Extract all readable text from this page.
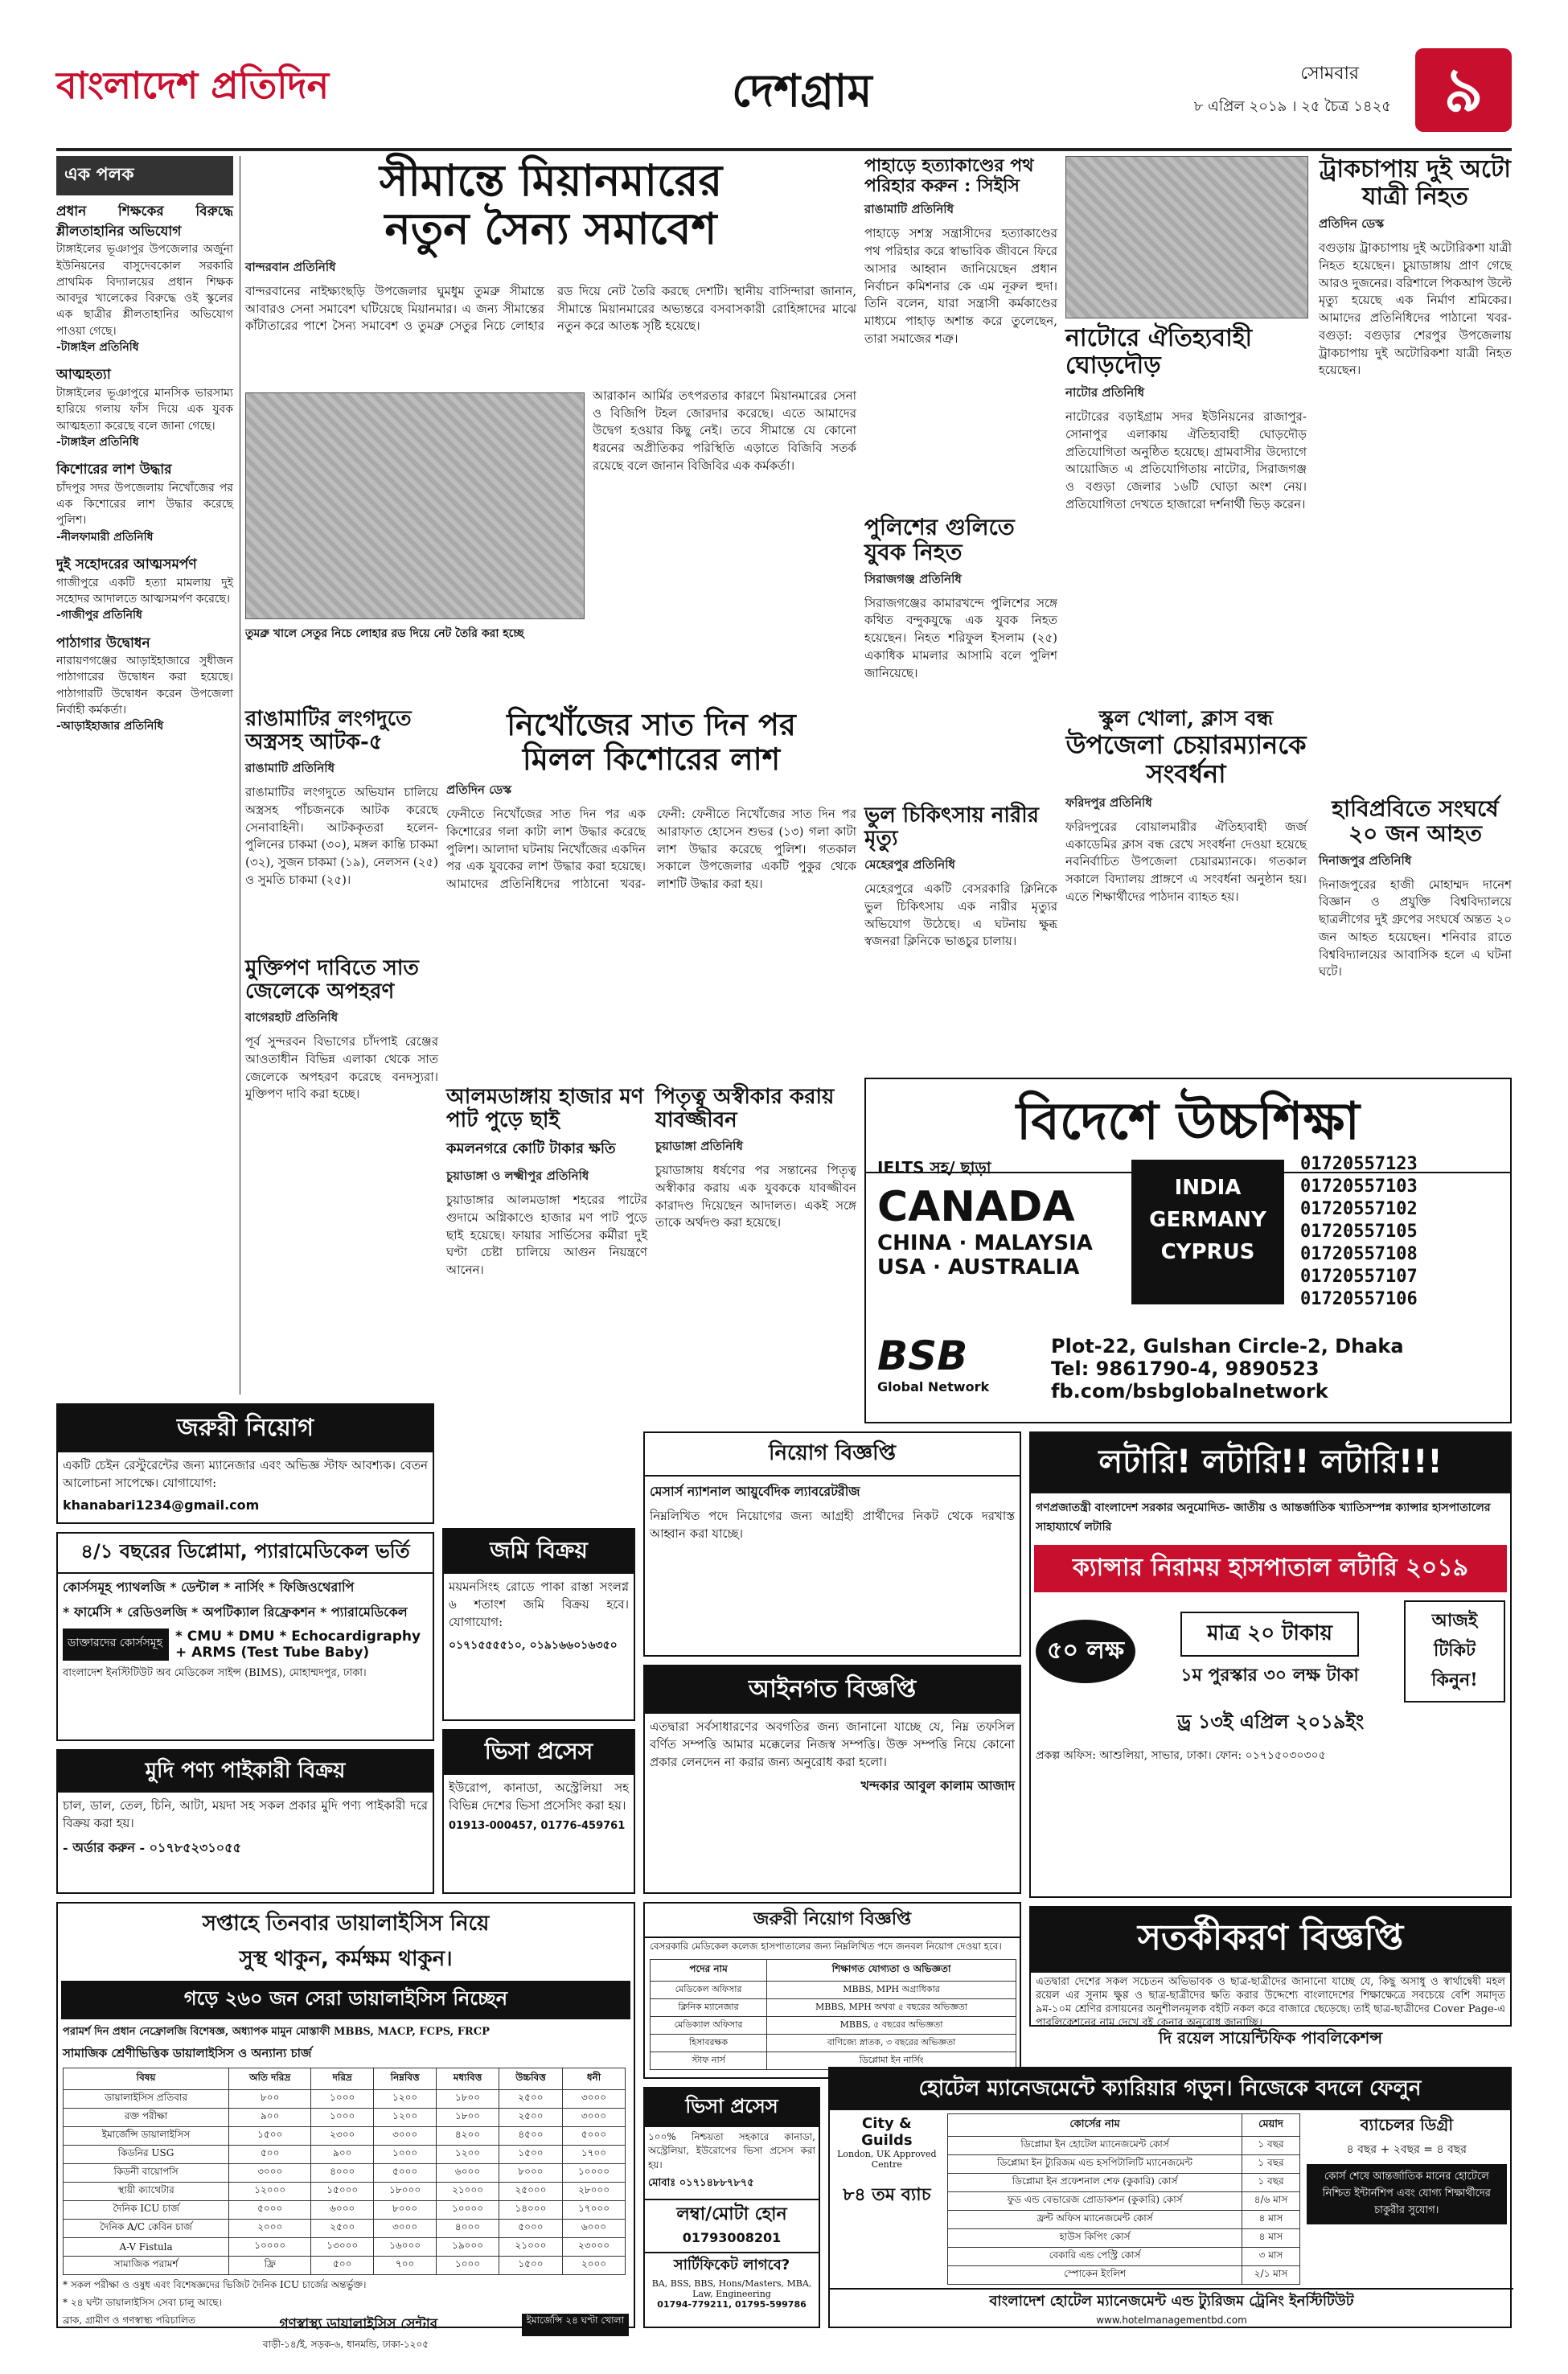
বাংলাদেশ প্রতিদিন	দেশগ্রাম	সোমবার
৮ এপ্রিল ২০১৯ । ২৫ চৈত্র ১৪২৫ ৯
এক পলক
প্রধান শিক্ষকের বিরুদ্ধে শ্লীলতাহানির অভিযোগ
টাঙ্গাইলের ভূঞাপুর উপজেলার অর্জুনা ইউনিয়নের বাসুদেবকোল সরকারি প্রাথমিক বিদ্যালয়ের প্রধান শিক্ষক আবদুর খালেকের বিরুদ্ধে ওই স্কুলের এক ছাত্রীর শ্লীলতাহানির অভিযোগ পাওয়া গেছে।
-টাঙ্গাইল প্রতিনিধি
আত্মহত্যা
টাঙ্গাইলের ভূঞাপুরে মানসিক ভারসাম্য হারিয়ে গলায় ফাঁস দিয়ে এক যুবক আত্মহত্যা করেছে বলে জানা গেছে।
-টাঙ্গাইল প্রতিনিধি
কিশোরের লাশ উদ্ধার
চাঁদপুর সদর উপজেলায় নিখোঁজের পর এক কিশোরের লাশ উদ্ধার করেছে পুলিশ।
-নীলফামারী প্রতিনিধি
দুই সহোদরের আত্মসমর্পণ
গাজীপুরে একটি হত্যা মামলায় দুই সহোদর আদালতে আত্মসমর্পণ করেছে।
-গাজীপুর প্রতিনিধি
পাঠাগার উদ্বোধন
নারায়ণগঞ্জের আড়াইহাজারে সুধীজন পাঠাগারের উদ্বোধন করা হয়েছে। পাঠাগারটি উদ্বোধন করেন উপজেলা নির্বাহী কর্মকর্তা।
-আড়াইহাজার প্রতিনিধি
সীমান্তে মিয়ানমারের
নতুন সৈন্য সমাবেশ
বান্দরবান প্রতিনিধি
বান্দরবানের নাইক্ষ্যংছড়ি উপজেলার ঘুমধুম তুমব্রু সীমান্তে আবারও সেনা সমাবেশ ঘটিয়েছে মিয়ানমার। এ জন্য সীমান্তের কাঁটাতারের পাশে সৈন্য সমাবেশ ও তুমব্রু সেতুর নিচে লোহার রড দিয়ে নেট তৈরি করছে দেশটি। স্থানীয় বাসিন্দারা জানান, সীমান্তে মিয়ানমারের অভ্যন্তরে বসবাসকারী রোহিঙ্গাদের মাঝে নতুন করে আতঙ্ক সৃষ্টি হয়েছে।
আরাকান আর্মির তৎপরতার কারণে মিয়ানমারের সেনা ও বিজিপি টহল জোরদার করেছে। এতে আমাদের উদ্বেগ হওয়ার কিছু নেই। তবে সীমান্তে যে কোনো ধরনের অপ্রীতিকর পরিস্থিতি এড়াতে বিজিবি সতর্ক রয়েছে বলে জানান বিজিবির এক কর্মকর্তা।
তুমব্রু খালে সেতুর নিচে লোহার রড দিয়ে নেট তৈরি করা হচ্ছে
পাহাড়ে হত্যাকাণ্ডের পথ পরিহার করুন : সিইসি
রাঙামাটি প্রতিনিধি
পাহাড়ে সশস্ত্র সন্ত্রাসীদের হত্যাকাণ্ডের পথ পরিহার করে স্বাভাবিক জীবনে ফিরে আসার আহ্বান জানিয়েছেন প্রধান নির্বাচন কমিশনার কে এম নূরুল হুদা। তিনি বলেন, যারা সন্ত্রাসী কর্মকাণ্ডের মাধ্যমে পাহাড় অশান্ত করে তুলেছেন, তারা সমাজের শত্রু।	নাটোরে ঐতিহ্যবাহী ঘোড়দৌড়
নাটোর প্রতিনিধি
নাটোরের বড়াইগ্রাম সদর ইউনিয়নের রাজাপুর-সোনাপুর এলাকায় ঐতিহ্যবাহী ঘোড়দৌড় প্রতিযোগিতা অনুষ্ঠিত হয়েছে। গ্রামবাসীর উদ্যোগে আয়োজিত এ প্রতিযোগিতায় নাটোর, সিরাজগঞ্জ ও বগুড়া জেলার ১৬টি ঘোড়া অংশ নেয়। প্রতিযোগিতা দেখতে হাজারো দর্শনার্থী ভিড় করেন।
ট্রাকচাপায় দুই অটো যাত্রী নিহত
প্রতিদিন ডেস্ক
বগুড়ায় ট্রাকচাপায় দুই অটোরিকশা যাত্রী নিহত হয়েছেন। চুয়াডাঙ্গায় প্রাণ গেছে আরও দুজনের। বরিশালে পিকআপ উল্টে মৃত্যু হয়েছে এক নির্মাণ শ্রমিকের। আমাদের প্রতিনিধিদের পাঠানো খবর- বগুড়া: বগুড়ার শেরপুর উপজেলায় ট্রাকচাপায় দুই অটোরিকশা যাত্রী নিহত হয়েছেন।
পুলিশের গুলিতে যুবক নিহত
সিরাজগঞ্জ প্রতিনিধি
সিরাজগঞ্জের কামারখন্দে পুলিশের সঙ্গে কথিত বন্দুকযুদ্ধে এক যুবক নিহত হয়েছেন। নিহত শরিফুল ইসলাম (২৫) একাধিক মামলার আসামি বলে পুলিশ জানিয়েছে।
স্কুল খোলা, ক্লাস বন্ধ
উপজেলা চেয়ারম্যানকে সংবর্ধনা
ফরিদপুর প্রতিনিধি
ফরিদপুরের বোয়ালমারীর ঐতিহ্যবাহী জর্জ একাডেমির ক্লাস বন্ধ রেখে সংবর্ধনা দেওয়া হয়েছে নবনির্বাচিত উপজেলা চেয়ারম্যানকে। গতকাল সকালে বিদ্যালয় প্রাঙ্গণে এ সংবর্ধনা অনুষ্ঠান হয়। এতে শিক্ষার্থীদের পাঠদান ব্যাহত হয়।
হাবিপ্রবিতে সংঘর্ষে ২০ জন আহত
দিনাজপুর প্রতিনিধি
দিনাজপুরের হাজী মোহাম্মদ দানেশ বিজ্ঞান ও প্রযুক্তি বিশ্ববিদ্যালয়ে ছাত্রলীগের দুই গ্রুপের সংঘর্ষে অন্তত ২০ জন আহত হয়েছেন। শনিবার রাতে বিশ্ববিদ্যালয়ের আবাসিক হলে এ ঘটনা ঘটে।
রাঙামাটির লংগদুতে অস্ত্রসহ আটক-৫
রাঙামাটি প্রতিনিধি
রাঙামাটির লংগদুতে অভিযান চালিয়ে অস্ত্রসহ পাঁচজনকে আটক করেছে সেনাবাহিনী। আটককৃতরা হলেন- পুলিনের চাকমা (৩০), মঙ্গল কান্তি চাকমা (৩২), সুজন চাকমা (১৯), নেলসন (২৫) ও সুমতি চাকমা (২৫)।
নিখোঁজের সাত দিন পর
মিলল কিশোরের লাশ
প্রতিদিন ডেস্ক
ফেনীতে নিখোঁজের সাত দিন পর এক কিশোরের গলা কাটা লাশ উদ্ধার করেছে পুলিশ। আলাদা ঘটনায় নিখোঁজের একদিন পর এক যুবকের লাশ উদ্ধার করা হয়েছে। আমাদের প্রতিনিধিদের পাঠানো খবর- ফেনী: ফেনীতে নিখোঁজের সাত দিন পর আরাফাত হোসেন শুভর (১৩) গলা কাটা লাশ উদ্ধার করেছে পুলিশ। গতকাল সকালে উপজেলার একটি পুকুর থেকে লাশটি উদ্ধার করা হয়।
ভুল চিকিৎসায় নারীর মৃত্যু
মেহেরপুর প্রতিনিধি
মেহেরপুরে একটি বেসরকারি ক্লিনিকে ভুল চিকিৎসায় এক নারীর মৃত্যুর অভিযোগ উঠেছে। এ ঘটনায় ক্ষুব্ধ স্বজনরা ক্লিনিকে ভাঙচুর চালায়।
মুক্তিপণ দাবিতে সাত জেলেকে অপহরণ
বাগেরহাট প্রতিনিধি
পূর্ব সুন্দরবন বিভাগের চাঁদপাই রেঞ্জের আওতাধীন বিভিন্ন এলাকা থেকে সাত জেলেকে অপহরণ করেছে বনদস্যুরা। মুক্তিপণ দাবি করা হচ্ছে।	আলমডাঙ্গায় হাজার মণ পাট পুড়ে ছাই
কমলনগরে কোটি টাকার ক্ষতি
চুয়াডাঙ্গা ও লক্ষ্মীপুর প্রতিনিধি
চুয়াডাঙ্গার আলমডাঙ্গা শহরের পাটের গুদামে অগ্নিকাণ্ডে হাজার মণ পাট পুড়ে ছাই হয়েছে। ফায়ার সার্ভিসের কর্মীরা দুই ঘণ্টা চেষ্টা চালিয়ে আগুন নিয়ন্ত্রণে আনেন।
পিতৃত্ব অস্বীকার করায় যাবজ্জীবন
চুয়াডাঙ্গা প্রতিনিধি
চুয়াডাঙ্গায় ধর্ষণের পর সন্তানের পিতৃত্ব অস্বীকার করায় এক যুবককে যাবজ্জীবন কারাদণ্ড দিয়েছেন আদালত। একই সঙ্গে তাকে অর্থদণ্ড করা হয়েছে।
বিদেশে উচ্চশিক্ষা
IELTS সহ/ ছাড়া
CANADA
CHINA · MALAYSIA
USA · AUSTRALIA
INDIA
GERMANY
CYPRUS
01720557123
01720557103
01720557102
01720557105
01720557108
01720557107
01720557106
BSB
Global Network
Plot-22, Gulshan Circle-2, Dhaka
Tel: 9861790-4, 9890523
fb.com/bsbglobalnetwork
জরুরী নিয়োগ
একটি চেইন রেস্টুরেন্টের জন্য ম্যানেজার এবং অভিজ্ঞ স্টাফ আবশ্যক। বেতন আলোচনা সাপেক্ষে। যোগাযোগ:
khanabari1234@gmail.com
৪/১ বছরের ডিপ্লোমা, প্যারামেডিকেল ভর্তি
কোর্সসমূহ প্যাথলজি * ডেন্টাল * নার্সিং * ফিজিওথেরাপি
* ফার্মেসি * রেডিওলজি * অপটিক্যাল রিফ্রেকশন * প্যারামেডিকেল
ডাক্তারদের কোর্সসমূহ * CMU * DMU * Echocardigraphy
+ ARMS (Test Tube Baby)
বাংলাদেশ ইনস্টিটিউট অব মেডিকেল সাইন্স (BIMS), মোহাম্মদপুর, ঢাকা।
মুদি পণ্য পাইকারী বিক্রয়
চাল, ডাল, তেল, চিনি, আটা, ময়দা সহ সকল প্রকার মুদি পণ্য পাইকারী দরে বিক্রয় করা হয়।
- অর্ডার করুন - ০১৭৮৫২৩১০৫৫
জমি বিক্রয়
ময়মনসিংহ রোডে পাকা রাস্তা সংলগ্ন ৬ শতাংশ জমি বিক্রয় হবে। যোগাযোগ:
০১৭১৫৫৫৫১০, ০১৯১৬৬০১৬৩৫০
ভিসা প্রসেস
ইউরোপ, কানাডা, অস্ট্রেলিয়া সহ বিভিন্ন দেশের ভিসা প্রসেসিং করা হয়।
01913-000457, 01776-459761
নিয়োগ বিজ্ঞপ্তি
মেসার্স ন্যাশনাল আয়ুর্বেদিক ল্যাবরেটরীজ
নিম্নলিখিত পদে নিয়োগের জন্য আগ্রহী প্রার্থীদের নিকট থেকে দরখাস্ত আহ্বান করা যাচ্ছে।
আইনগত বিজ্ঞপ্তি
এতদ্বারা সর্বসাধারণের অবগতির জন্য জানানো যাচ্ছে যে, নিম্ন তফসিল বর্ণিত সম্পত্তি আমার মক্কেলের নিজস্ব সম্পত্তি। উক্ত সম্পত্তি নিয়ে কোনো প্রকার লেনদেন না করার জন্য অনুরোধ করা হলো।
খন্দকার আবুল কালাম আজাদ
লটারি! লটারি!! লটারি!!!
গণপ্রজাতন্ত্রী বাংলাদেশ সরকার অনুমোদিত- জাতীয় ও আন্তর্জাতিক খ্যাতিসম্পন্ন ক্যান্সার হাসপাতালের সাহায্যার্থে লটারি
ক্যান্সার নিরাময় হাসপাতাল লটারি ২০১৯
৫০ লক্ষ
মাত্র ২০ টাকায়
১ম পুরস্কার ৩০ লক্ষ টাকা
আজই টিকিট কিনুন!
ড্র ১৩ই এপ্রিল ২০১৯ইং
প্রকল্প অফিস: আশুলিয়া, সাভার, ঢাকা। ফোন: ০১৭১৫০৩০৩০৫
সতর্কীকরণ বিজ্ঞপ্তি
এতদ্বারা দেশের সকল সচেতন অভিভাবক ও ছাত্র-ছাত্রীদের জানানো যাচ্ছে যে, কিছু অসাধু ও স্বার্থান্বেষী মহল রয়েল এর সুনাম ক্ষুণ্ণ ও ছাত্র-ছাত্রীদের ক্ষতি করার উদ্দেশ্যে বাংলাদেশের শিক্ষাক্ষেত্রে সবচেয়ে বেশি সমাদৃত ৯ম-১০ম শ্রেণির রসায়নের অনুশীলনমূলক বইটি নকল করে বাজারে ছেড়েছে। তাই ছাত্র-ছাত্রীদের Cover Page-এ পাবলিকেশনের নাম দেখে বই কেনার অনুরোধ জানাচ্ছি।
দি রয়েল সায়েন্টিফিক পাবলিকেশন্স
সপ্তাহে তিনবার ডায়ালাইসিস নিয়ে
সুস্থ থাকুন, কর্মক্ষম থাকুন।
গড়ে ২৬০ জন সেরা ডায়ালাইসিস নিচ্ছেন
পরামর্শ দিন প্রধান নেফ্রোলজি বিশেষজ্ঞ, অধ্যাপক মামুন মোস্তাফী MBBS, MACP, FCPS, FRCP
সামাজিক শ্রেণীভিত্তিক ডায়ালাইসিস ও অন্যান্য চার্জ
বিষয়	অতি দরিদ্র	দরিদ্র	নিম্নবিত্ত	মধ্যবিত্ত	উচ্চবিত্ত	ধনী
ডায়ালাইসিস প্রতিবার	৮০০	১০০০	১২০০	১৮০০	২৫০০	৩০০০
রক্ত পরীক্ষা	৯০০	১০০০	১২০০	১৮০০	২৫০০	৩০০০
ইমার্জেন্সি ডায়ালাইসিস	১৫০০	২৩০০	৩০০০	৪২০০	৪৫০০	৫০০০
কিডনির USG	৫০০	৯০০	১০০০	১২০০	১৫০০	১৭০০
কিডনী বায়োপসি	৩০০০	৪০০০	৫০০০	৬০০০	৮০০০	১০০০০
স্থায়ী ক্যাথেটার	১২০০০	১৫০০০	১৮০০০	২১০০০	২৫০০০	২৮০০০
দৈনিক ICU চার্জ	৫০০০	৬০০০	৮০০০	১০০০০	১৪০০০	১৭০০০
দৈনিক A/C কেবিন চার্জ	২০০০	২৫০০	৩০০০	৪০০০	৫০০০	৬০০০
A-V Fistula	১০০০০	১৩০০০	১৬০০০	১৯০০০	২১০০০	২৩০০০
সামাজিক পরামর্শ	ফ্রি	৫০০	৭০০	১০০০	১৫০০	২০০০
* সকল পরীক্ষা ও ওষুধ এবং বিশেষজ্ঞদের ভিজিট দৈনিক ICU চার্জের অন্তর্ভুক্ত।
* ২৪ ঘন্টা ডায়ালাইসিস সেবা চালু আছে।
ব্রাক, গ্রামীণ ও গণস্বাস্থ্য পরিচালিত	গণস্বাস্থ্য ডায়ালাইসিস সেন্টার	ইমার্জেন্সি ২৪ ঘণ্টা খোলা
বাড়ী-১৪/ই, সড়ক-৬, ধানমন্ডি, ঢাকা-১২০৫
জরুরী নিয়োগ বিজ্ঞপ্তি
বেসরকারি মেডিকেল কলেজ হাসপাতালের জন্য নিম্নলিখিত পদে জনবল নিয়োগ দেওয়া হবে।
পদের নাম	শিক্ষাগত যোগ্যতা ও অভিজ্ঞতা
মেডিকেল অফিসার	MBBS, MPH অগ্রাধিকার
ক্লিনিক ম্যানেজার	MBBS, MPH অথবা ৫ বছরের অভিজ্ঞতা
মেডিক্যাল অফিসার	MBBS, ৫ বছরের অভিজ্ঞতা
হিসাবরক্ষক	বাণিজ্যে স্নাতক, ৩ বছরের অভিজ্ঞতা
স্টাফ নার্স	ডিপ্লোমা ইন নার্সিং
ভিসা প্রসেস
১০০% নিশ্চয়তা সহকারে কানাডা, অস্ট্রেলিয়া, ইউরোপের ভিসা প্রসেস করা হয়।
মোবাঃ ০১৭১৪৮৮৭৮৭৫
লম্বা/মোটা হোন
01793008201
সার্টিফিকেট লাগবে?
BA, BSS, BBS, Hons/Masters, MBA, Law, Engineering
01794-779211, 01795-599786
হোটেল ম্যানেজমেন্টে ক্যারিয়ার গড়ুন। নিজেকে বদলে ফেলুন
City & Guilds
London, UK Approved Centre
৮৪ তম ব্যাচ
কোর্সের নাম	মেয়াদ
ডিপ্লোমা ইন হোটেল ম্যানেজমেন্ট কোর্স	১ বছর
ডিপ্লোমা ইন ট্যুরিজম এন্ড হসপিটালিটি ম্যানেজমেন্ট	১ বছর
ডিপ্লোমা ইন প্রফেশনাল শেফ (কুকারি) কোর্স	১ বছর
ফুড এন্ড বেভারেজ প্রোডাকশন (কুকারি) কোর্স	৪/৬ মাস
ফ্রন্ট অফিস ম্যানেজমেন্ট কোর্স	৪ মাস
হাউস কিপিং কোর্স	৪ মাস
বেকারি এন্ড পেস্ট্রি কোর্স	৩ মাস
স্পোকেন ইংলিশ	২/১ মাস
ব্যাচেলর ডিগ্রী
৪ বছর + ২বছর = ৪ বছর
কোর্স শেষে আন্তর্জাতিক মানের হোটেলে নিশ্চিত ইন্টার্নশিপ এবং যোগ্য শিক্ষার্থীদের চাকুরীর সুযোগ।
বাংলাদেশ হোটেল ম্যানেজমেন্ট এন্ড ট্যুরিজম ট্রেনিং ইনস্টিটিউট
www.hotelmanagementbd.com
